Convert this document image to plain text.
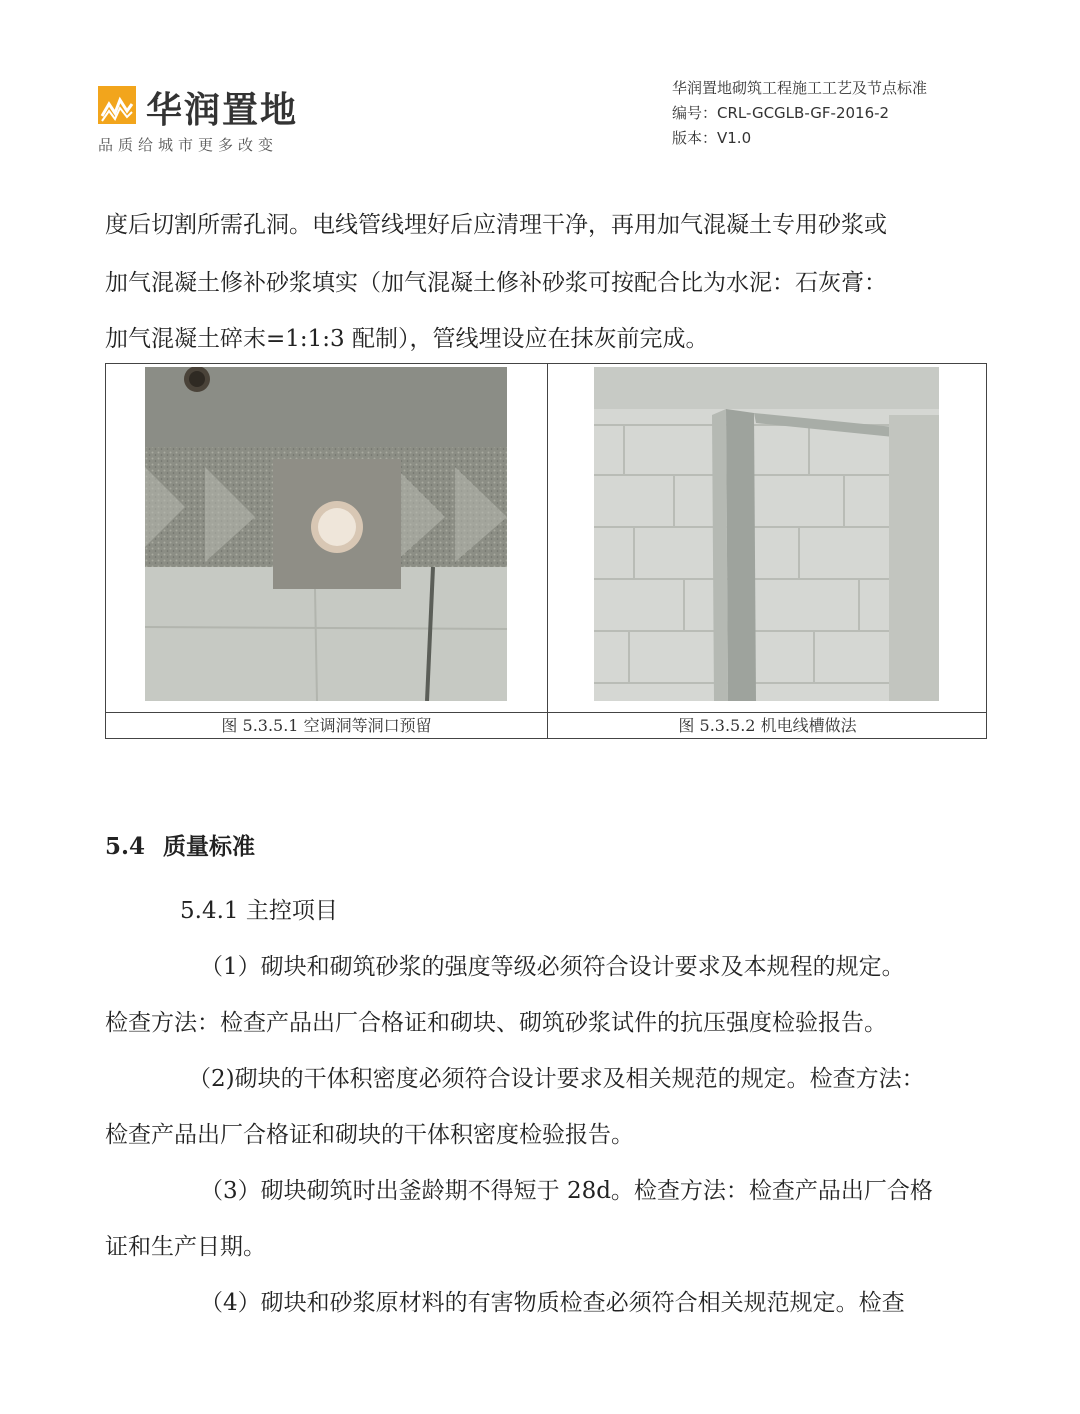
华润置地
品质给城市更多改变
华润置地砌筑工程施工工艺及节点标准
编号：CRL-GCGLB-GF-2016-2
版本：V1.0
度后切割所需孔洞。电线管线埋好后应清理干净，再用加气混凝土专用砂浆或
加气混凝土修补砂浆填实（加气混凝土修补砂浆可按配合比为水泥：石灰膏：
加气混凝土碎末=1:1:3 配制），管线埋设应在抹灰前完成。
图 5.3.5.1 空调洞等洞口预留	图 5.3.5.2 机电线槽做法
5.4 质量标准
5.4.1 主控项目
（1）砌块和砌筑砂浆的强度等级必须符合设计要求及本规程的规定。
检查方法：检查产品出厂合格证和砌块、砌筑砂浆试件的抗压强度检验报告。
（2)砌块的干体积密度必须符合设计要求及相关规范的规定。检查方法：
检查产品出厂合格证和砌块的干体积密度检验报告。
（3）砌块砌筑时出釜龄期不得短于 28d。检查方法：检查产品出厂合格
证和生产日期。
（4）砌块和砂浆原材料的有害物质检查必须符合相关规范规定。检查
